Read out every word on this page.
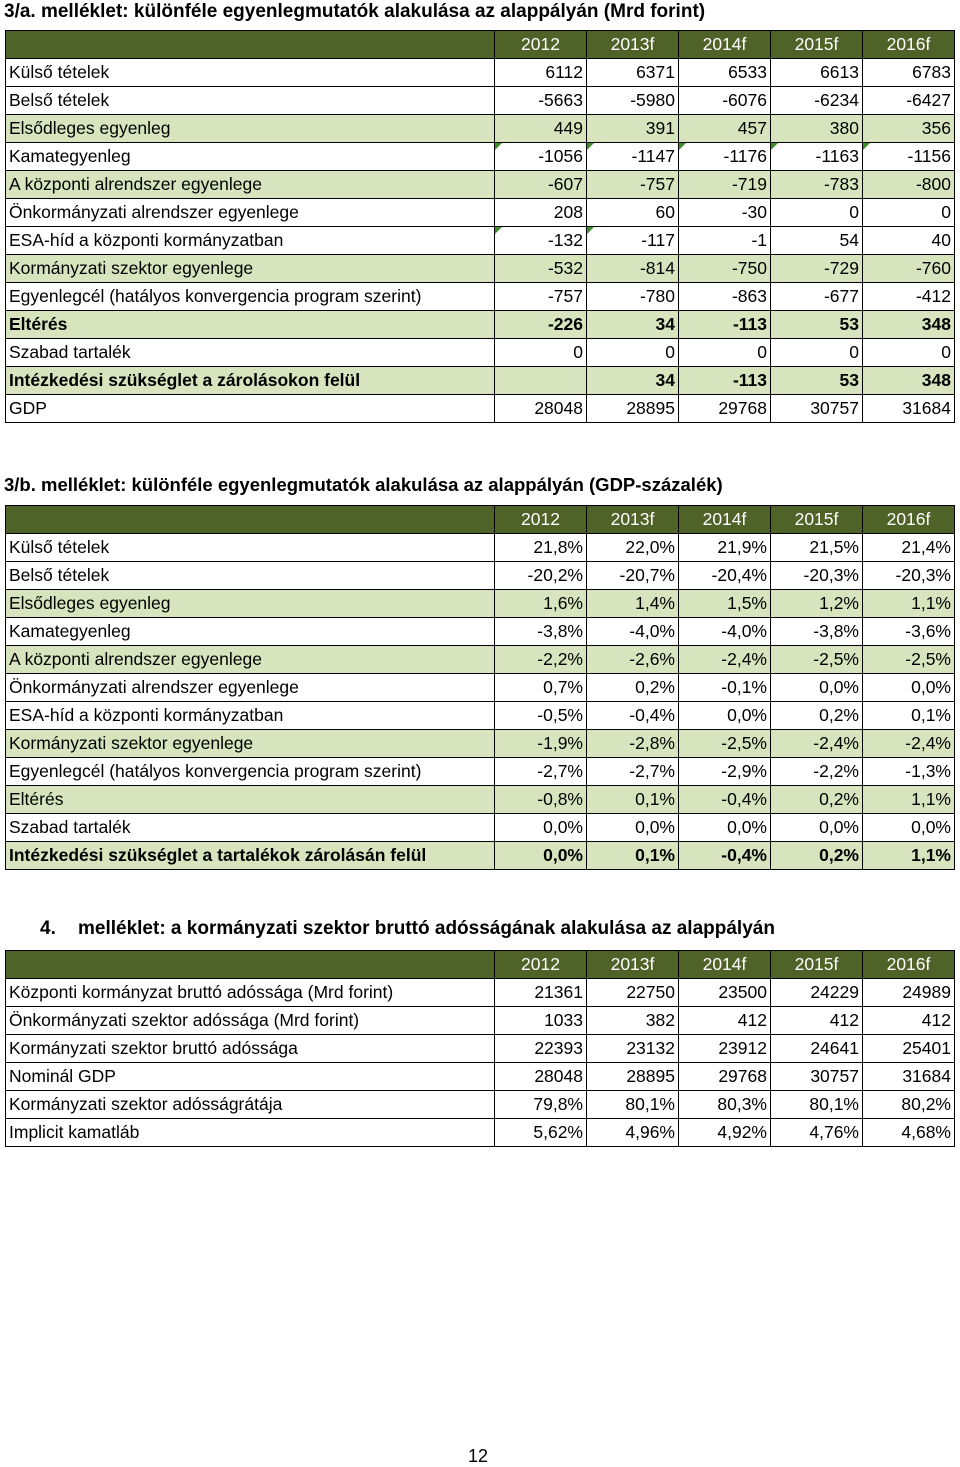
3/a. melléklet: különféle egyenlegmutatók alakulása az alappályán (Mrd forint)
	2012	2013f	2014f	2015f	2016f
Külső tételek	6112	6371	6533	6613	6783
Belső tételek	-5663	-5980	-6076	-6234	-6427
Elsődleges egyenleg	449	391	457	380	356
Kamategyenleg	-1056	-1147	-1176	-1163	-1156

A központi alrendszer egyenlege	-607	-757	-719	-783	-800
Önkormányzati alrendszer egyenlege	208	60	-30	0	0
ESA-híd a központi kormányzatban	-132	-117	-1	54	40
Kormányzati szektor egyenlege	-532	-814	-750	-729	-760
Egyenlegcél (hatályos konvergencia program szerint)	-757	-780	-863	-677	-412
Eltérés	-226	34	-113	53	348
Szabad tartalék	0	0	0	0	0
Intézkedési szükséglet a zárolásokon felül		34	-113	53	348
GDP	28048	28895	29768	30757	31684
3/b. melléklet: különféle egyenlegmutatók alakulása az alappályán (GDP-százalék)
	2012	2013f	2014f	2015f	2016f
Külső tételek	21,8%	22,0%	21,9%	21,5%	21,4%
Belső tételek	-20,2%	-20,7%	-20,4%	-20,3%	-20,3%
Elsődleges egyenleg	1,6%	1,4%	1,5%	1,2%	1,1%
Kamategyenleg	-3,8%	-4,0%	-4,0%	-3,8%	-3,6%
A központi alrendszer egyenlege	-2,2%	-2,6%	-2,4%	-2,5%	-2,5%
Önkormányzati alrendszer egyenlege	0,7%	0,2%	-0,1%	0,0%	0,0%
ESA-híd a központi kormányzatban	-0,5%	-0,4%	0,0%	0,2%	0,1%
Kormányzati szektor egyenlege	-1,9%	-2,8%	-2,5%	-2,4%	-2,4%
Egyenlegcél (hatályos konvergencia program szerint)	-2,7%	-2,7%	-2,9%	-2,2%	-1,3%
Eltérés	-0,8%	0,1%	-0,4%	0,2%	1,1%
Szabad tartalék	0,0%	0,0%	0,0%	0,0%	0,0%
Intézkedési szükséglet a tartalékok zárolásán felül	0,0%	0,1%	-0,4%	0,2%	1,1%
4. melléklet: a kormányzati szektor bruttó adósságának alakulása az alappályán
	2012	2013f	2014f	2015f	2016f
Központi kormányzat bruttó adóssága (Mrd forint)	21361	22750	23500	24229	24989
Önkormányzati szektor adóssága (Mrd forint)	1033	382	412	412	412
Kormányzati szektor bruttó adóssága	22393	23132	23912	24641	25401
Nominál GDP	28048	28895	29768	30757	31684
Kormányzati szektor adósságrátája	79,8%	80,1%	80,3%	80,1%	80,2%
Implicit kamatláb	5,62%	4,96%	4,92%	4,76%	4,68%
12
